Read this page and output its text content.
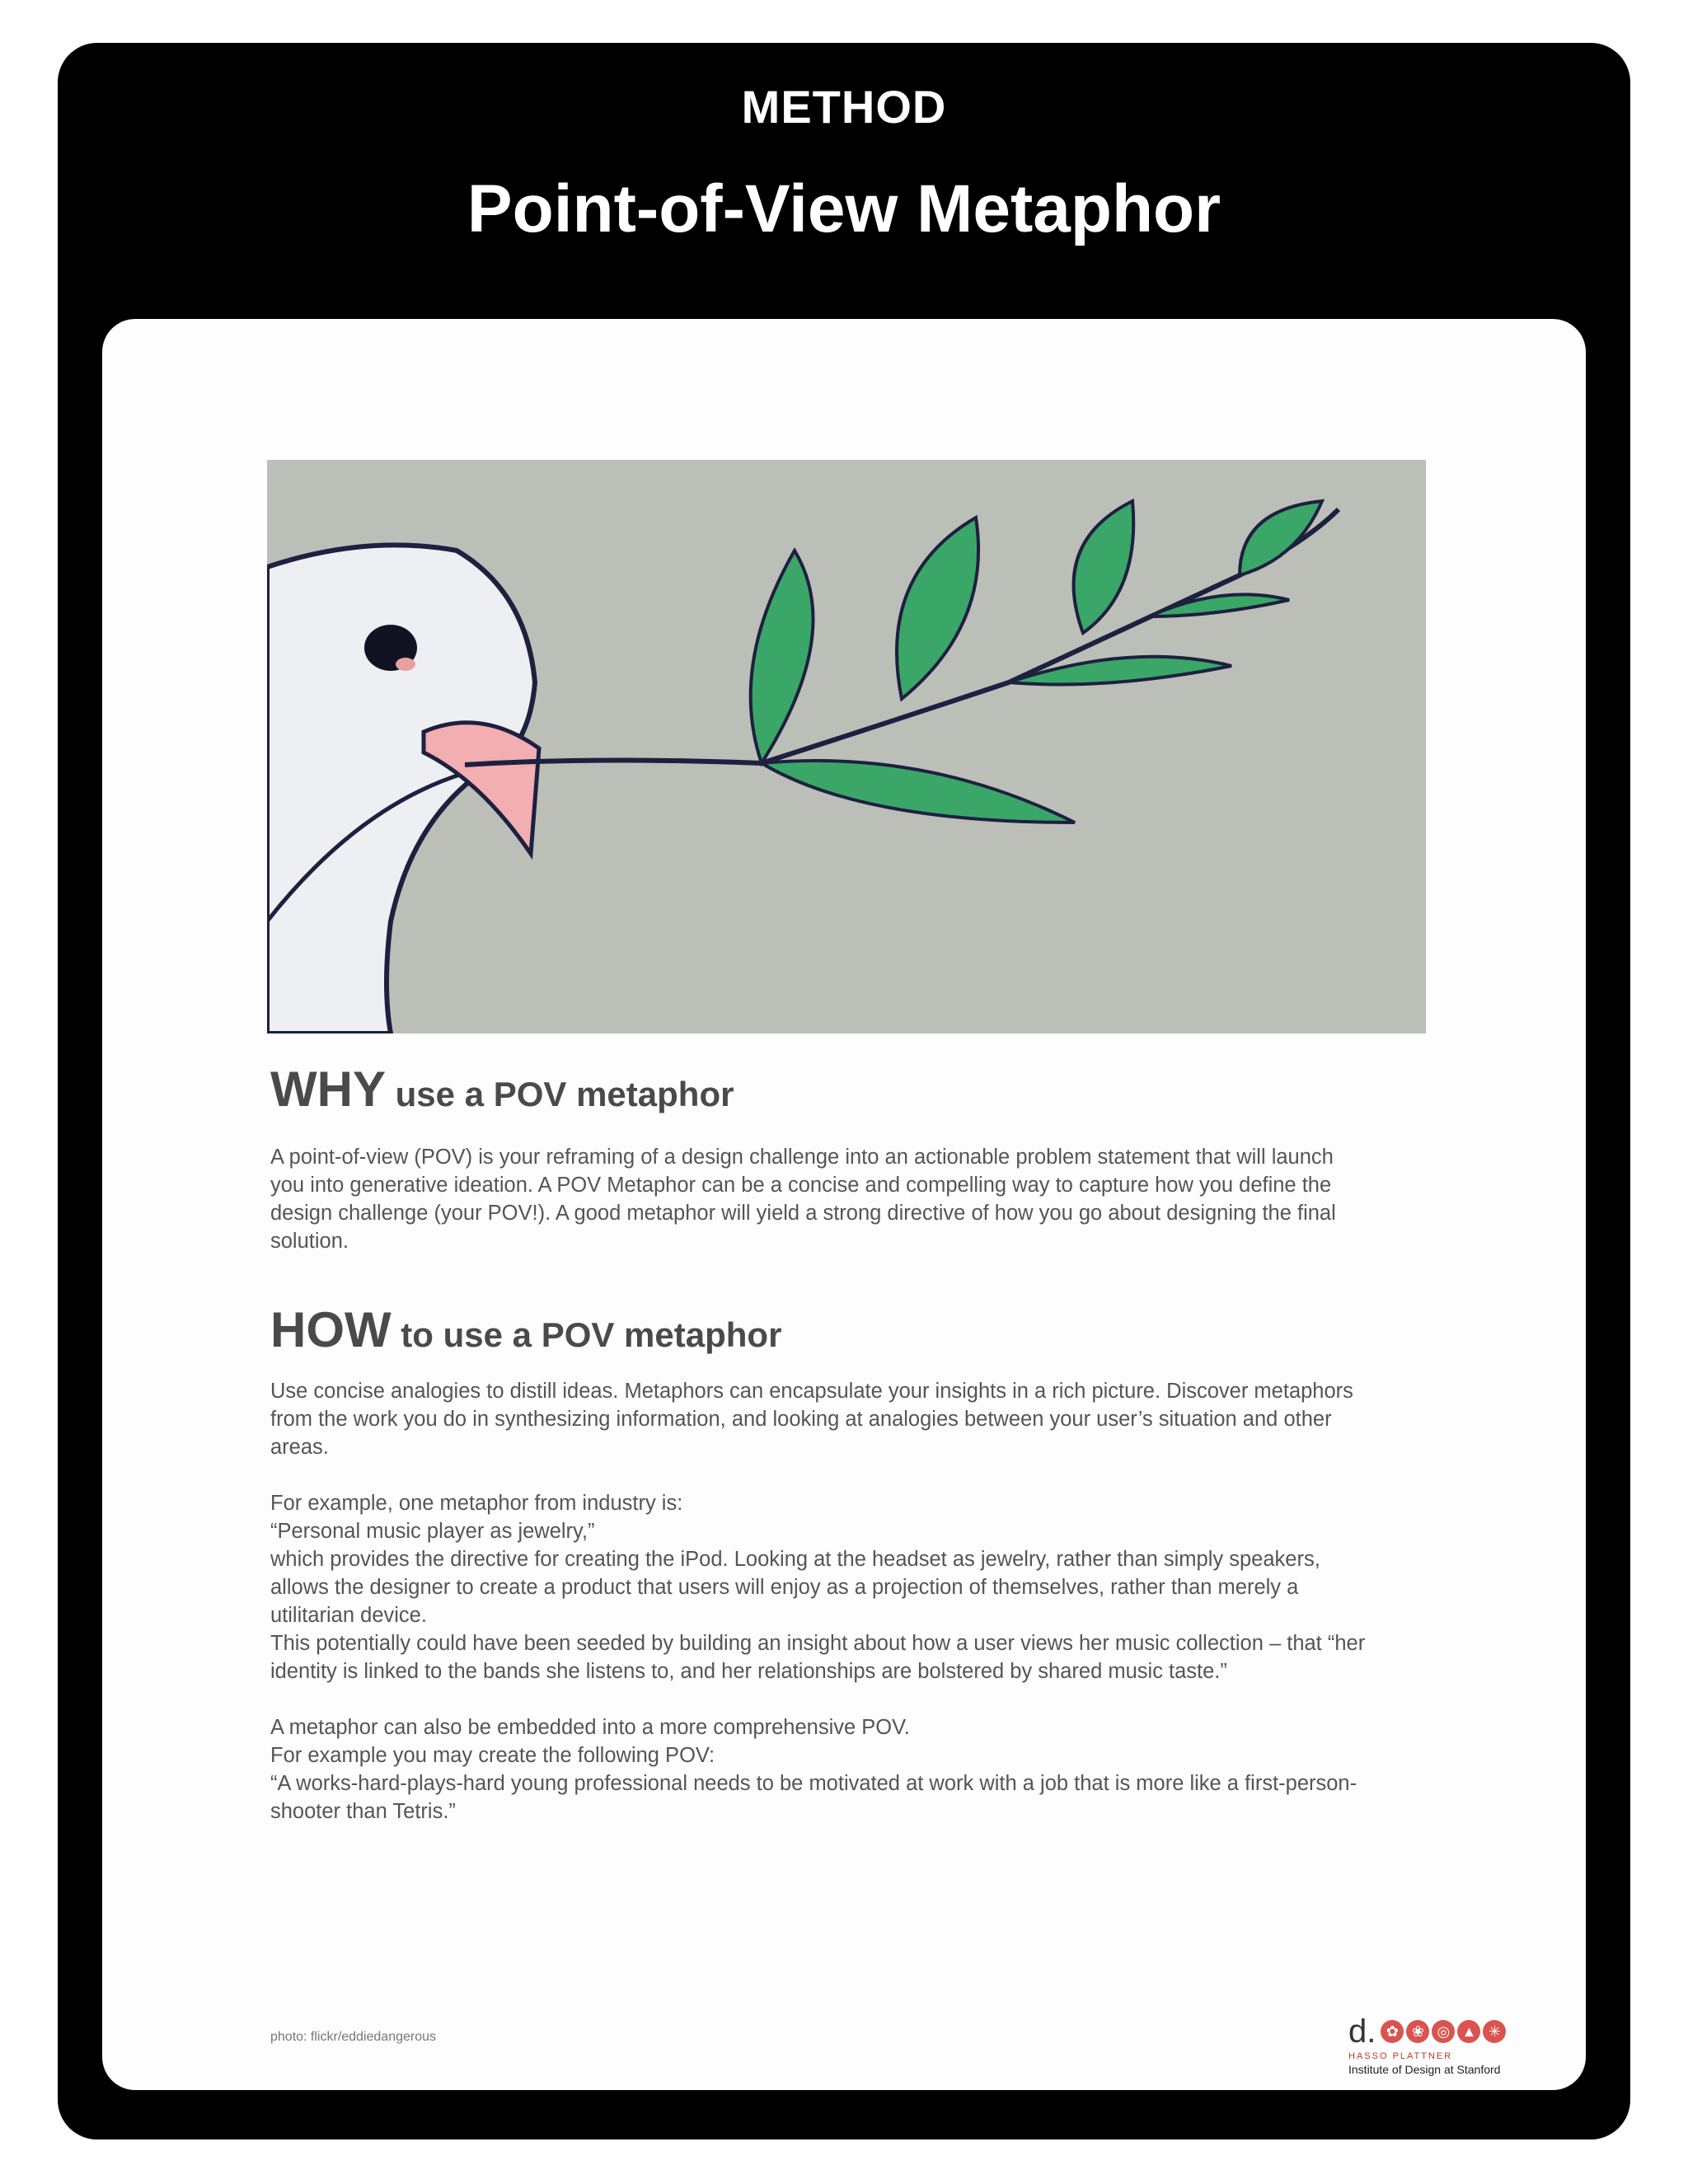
METHOD
Point-of-View Metaphor
WHY use a POV metaphor
A point-of-view (POV) is your reframing of a design challenge into an actionable problem statement that will launch
you into generative ideation. A POV Metaphor can be a concise and compelling way to capture how you define the
design challenge (your POV!). A good metaphor will yield a strong directive of how you go about designing the final
solution.
HOW to use a POV metaphor
Use concise analogies to distill ideas. Metaphors can encapsulate your insights in a rich picture. Discover metaphors
from the work you do in synthesizing information, and looking at analogies between your user’s situation and other
areas.
For example, one metaphor from industry is:
“Personal music player as jewelry,”
which provides the directive for creating the iPod. Looking at the headset as jewelry, rather than simply speakers,
allows the designer to create a product that users will enjoy as a projection of themselves, rather than merely a
utilitarian device.
This potentially could have been seeded by building an insight about how a user views her music collection – that “her
identity is linked to the bands she listens to, and her relationships are bolstered by shared music taste.”
A metaphor can also be embedded into a more comprehensive POV.
For example you may create the following POV:
“A works-hard-plays-hard young professional needs to be motivated at work with a job that is more like a first-person-
shooter than Tetris.”
photo: flickr/eddiedangerous	d. ✿ ❀ ◎ ▲ ✳
HASSO PLATTNER
Institute of Design at Stanford
